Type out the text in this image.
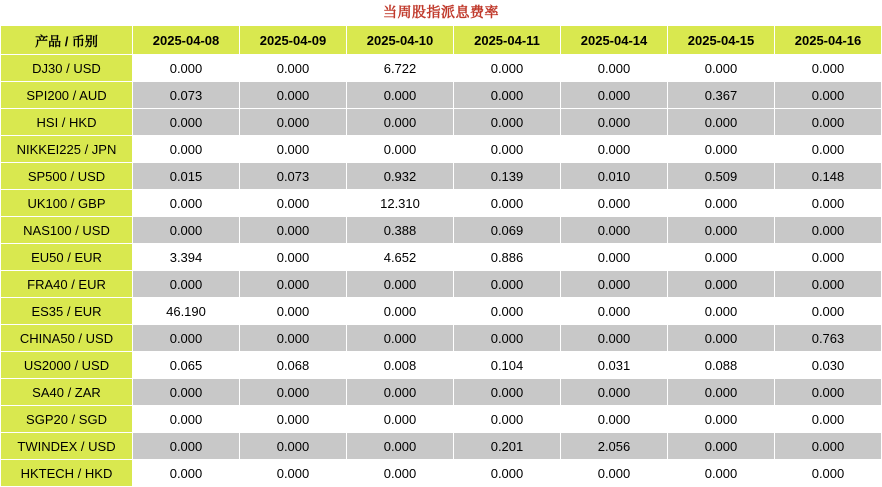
当周股指派息费率
产品 / 币别	2025-04-08	2025-04-09	2025-04-10	2025-04-11	2025-04-14	2025-04-15	2025-04-16
DJ30 / USD	0.000	0.000	6.722	0.000	0.000	0.000	0.000
SPI200 / AUD	0.073	0.000	0.000	0.000	0.000	0.367	0.000
HSI / HKD	0.000	0.000	0.000	0.000	0.000	0.000	0.000
NIKKEI225 / JPN	0.000	0.000	0.000	0.000	0.000	0.000	0.000
SP500 / USD	0.015	0.073	0.932	0.139	0.010	0.509	0.148
UK100 / GBP	0.000	0.000	12.310	0.000	0.000	0.000	0.000
NAS100 / USD	0.000	0.000	0.388	0.069	0.000	0.000	0.000
EU50 / EUR	3.394	0.000	4.652	0.886	0.000	0.000	0.000
FRA40 / EUR	0.000	0.000	0.000	0.000	0.000	0.000	0.000
ES35 / EUR	46.190	0.000	0.000	0.000	0.000	0.000	0.000
CHINA50 / USD	0.000	0.000	0.000	0.000	0.000	0.000	0.763
US2000 / USD	0.065	0.068	0.008	0.104	0.031	0.088	0.030
SA40 / ZAR	0.000	0.000	0.000	0.000	0.000	0.000	0.000
SGP20 / SGD	0.000	0.000	0.000	0.000	0.000	0.000	0.000
TWINDEX / USD	0.000	0.000	0.000	0.201	2.056	0.000	0.000
HKTECH / HKD	0.000	0.000	0.000	0.000	0.000	0.000	0.000
